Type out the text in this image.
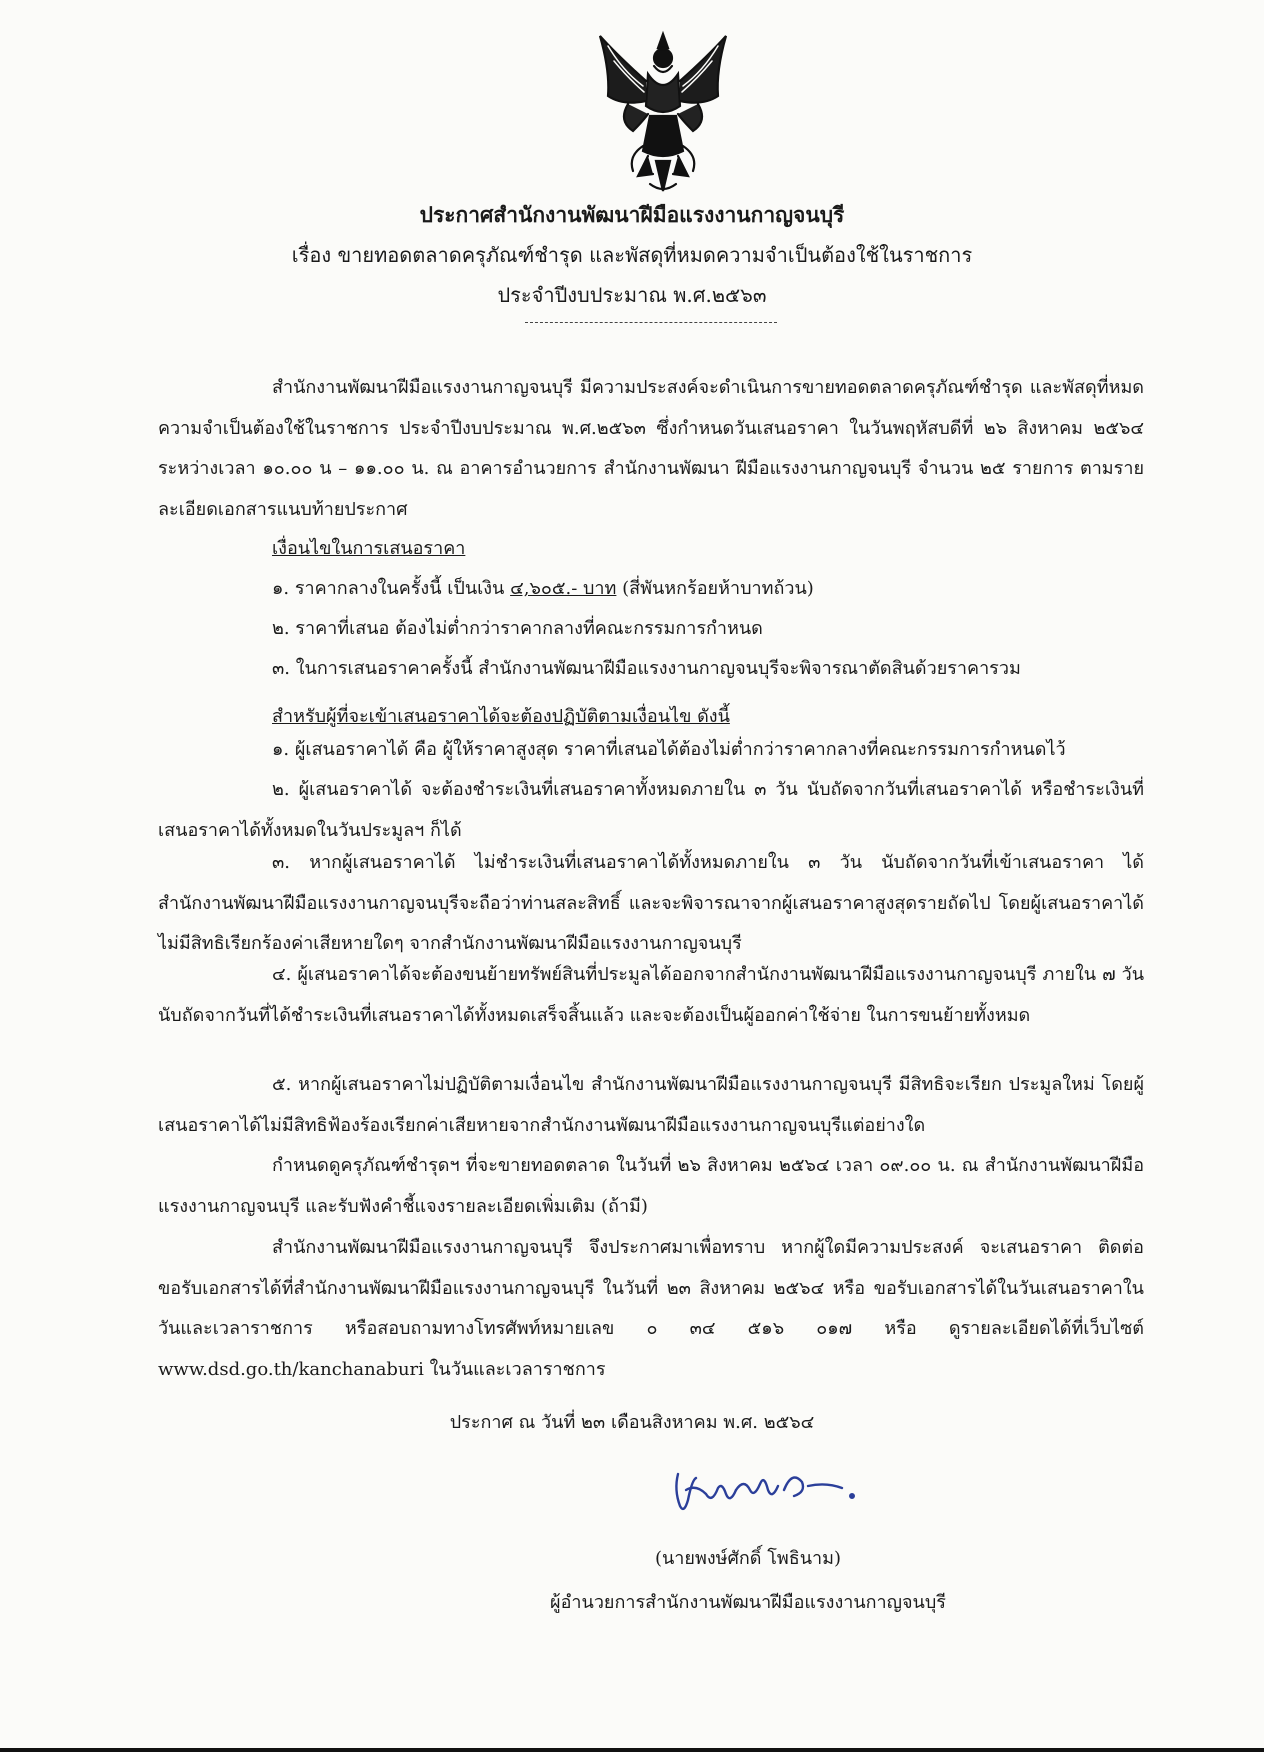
ประกาศสำนักงานพัฒนาฝีมือแรงงานกาญจนบุรี
เรื่อง ขายทอดตลาดครุภัณฑ์ชำรุด และพัสดุที่หมดความจำเป็นต้องใช้ในราชการ
ประจำปีงบประมาณ พ.ศ.๒๕๖๓
สำนักงานพัฒนาฝีมือแรงงานกาญจนบุรี มีความประสงค์จะดำเนินการขายทอดตลาดครุภัณฑ์ชำรุด และพัสดุที่หมดความจำเป็นต้องใช้ในราชการ ประจำปีงบประมาณ พ.ศ.๒๕๖๓ ซึ่งกำหนดวันเสนอราคา ในวันพฤหัสบดีที่ ๒๖ สิงหาคม ๒๕๖๔ ระหว่างเวลา ๑๐.๐๐ น – ๑๑.๐๐ น. ณ อาคารอำนวยการ สำนักงานพัฒนา ฝีมือแรงงานกาญจนบุรี จำนวน ๒๕ รายการ ตามรายละเอียดเอกสารแนบท้ายประกาศ
เงื่อนไขในการเสนอราคา
๑. ราคากลางในครั้งนี้ เป็นเงิน ๔,๖๐๕.- บาท (สี่พันหกร้อยห้าบาทถ้วน)
๒. ราคาที่เสนอ ต้องไม่ต่ำกว่าราคากลางที่คณะกรรมการกำหนด
๓. ในการเสนอราคาครั้งนี้ สำนักงานพัฒนาฝีมือแรงงานกาญจนบุรีจะพิจารณาตัดสินด้วยราคารวม
สำหรับผู้ที่จะเข้าเสนอราคาได้จะต้องปฏิบัติตามเงื่อนไข ดังนี้
๑. ผู้เสนอราคาได้ คือ ผู้ให้ราคาสูงสุด ราคาที่เสนอได้ต้องไม่ต่ำกว่าราคากลางที่คณะกรรมการกำหนดไว้
๒. ผู้เสนอราคาได้ จะต้องชำระเงินที่เสนอราคาทั้งหมดภายใน ๓ วัน นับถัดจากวันที่เสนอราคาได้ หรือชำระเงินที่เสนอราคาได้ทั้งหมดในวันประมูลฯ ก็ได้
๓. หากผู้เสนอราคาได้ ไม่ชำระเงินที่เสนอราคาได้ทั้งหมดภายใน ๓ วัน นับถัดจากวันที่เข้าเสนอราคา ได้ สำนักงานพัฒนาฝีมือแรงงานกาญจนบุรีจะถือว่าท่านสละสิทธิ์ และจะพิจารณาจากผู้เสนอราคาสูงสุดรายถัดไป โดยผู้เสนอราคาได้ไม่มีสิทธิเรียกร้องค่าเสียหายใดๆ จากสำนักงานพัฒนาฝีมือแรงงานกาญจนบุรี
๔. ผู้เสนอราคาได้จะต้องขนย้ายทรัพย์สินที่ประมูลได้ออกจากสำนักงานพัฒนาฝีมือแรงงานกาญจนบุรี ภายใน ๗ วัน นับถัดจากวันที่ได้ชำระเงินที่เสนอราคาได้ทั้งหมดเสร็จสิ้นแล้ว และจะต้องเป็นผู้ออกค่าใช้จ่าย ในการขนย้ายทั้งหมด
๕. หากผู้เสนอราคาไม่ปฏิบัติตามเงื่อนไข สำนักงานพัฒนาฝีมือแรงงานกาญจนบุรี มีสิทธิจะเรียก ประมูลใหม่ โดยผู้เสนอราคาได้ไม่มีสิทธิฟ้องร้องเรียกค่าเสียหายจากสำนักงานพัฒนาฝีมือแรงงานกาญจนบุรีแต่อย่างใด
กำหนดดูครุภัณฑ์ชำรุดฯ ที่จะขายทอดตลาด ในวันที่ ๒๖ สิงหาคม ๒๕๖๔ เวลา ๐๙.๐๐ น. ณ สำนักงานพัฒนาฝีมือแรงงานกาญจนบุรี และรับฟังคำชี้แจงรายละเอียดเพิ่มเติม (ถ้ามี)
สำนักงานพัฒนาฝีมือแรงงานกาญจนบุรี จึงประกาศมาเพื่อทราบ หากผู้ใดมีความประสงค์ จะเสนอราคา ติดต่อขอรับเอกสารได้ที่สำนักงานพัฒนาฝีมือแรงงานกาญจนบุรี ในวันที่ ๒๓ สิงหาคม ๒๕๖๔ หรือ ขอรับเอกสารได้ในวันเสนอราคาในวันและเวลาราชการ หรือสอบถามทางโทรศัพท์หมายเลข ๐ ๓๔ ๕๑๖ ๐๑๗ หรือ ดูรายละเอียดได้ที่เว็บไซต์ www.dsd.go.th/kanchanaburi ในวันและเวลาราชการ
ประกาศ ณ วันที่ ๒๓ เดือนสิงหาคม พ.ศ. ๒๕๖๔
(นายพงษ์ศักดิ์ โพธินาม)
ผู้อำนวยการสำนักงานพัฒนาฝีมือแรงงานกาญจนบุรี
